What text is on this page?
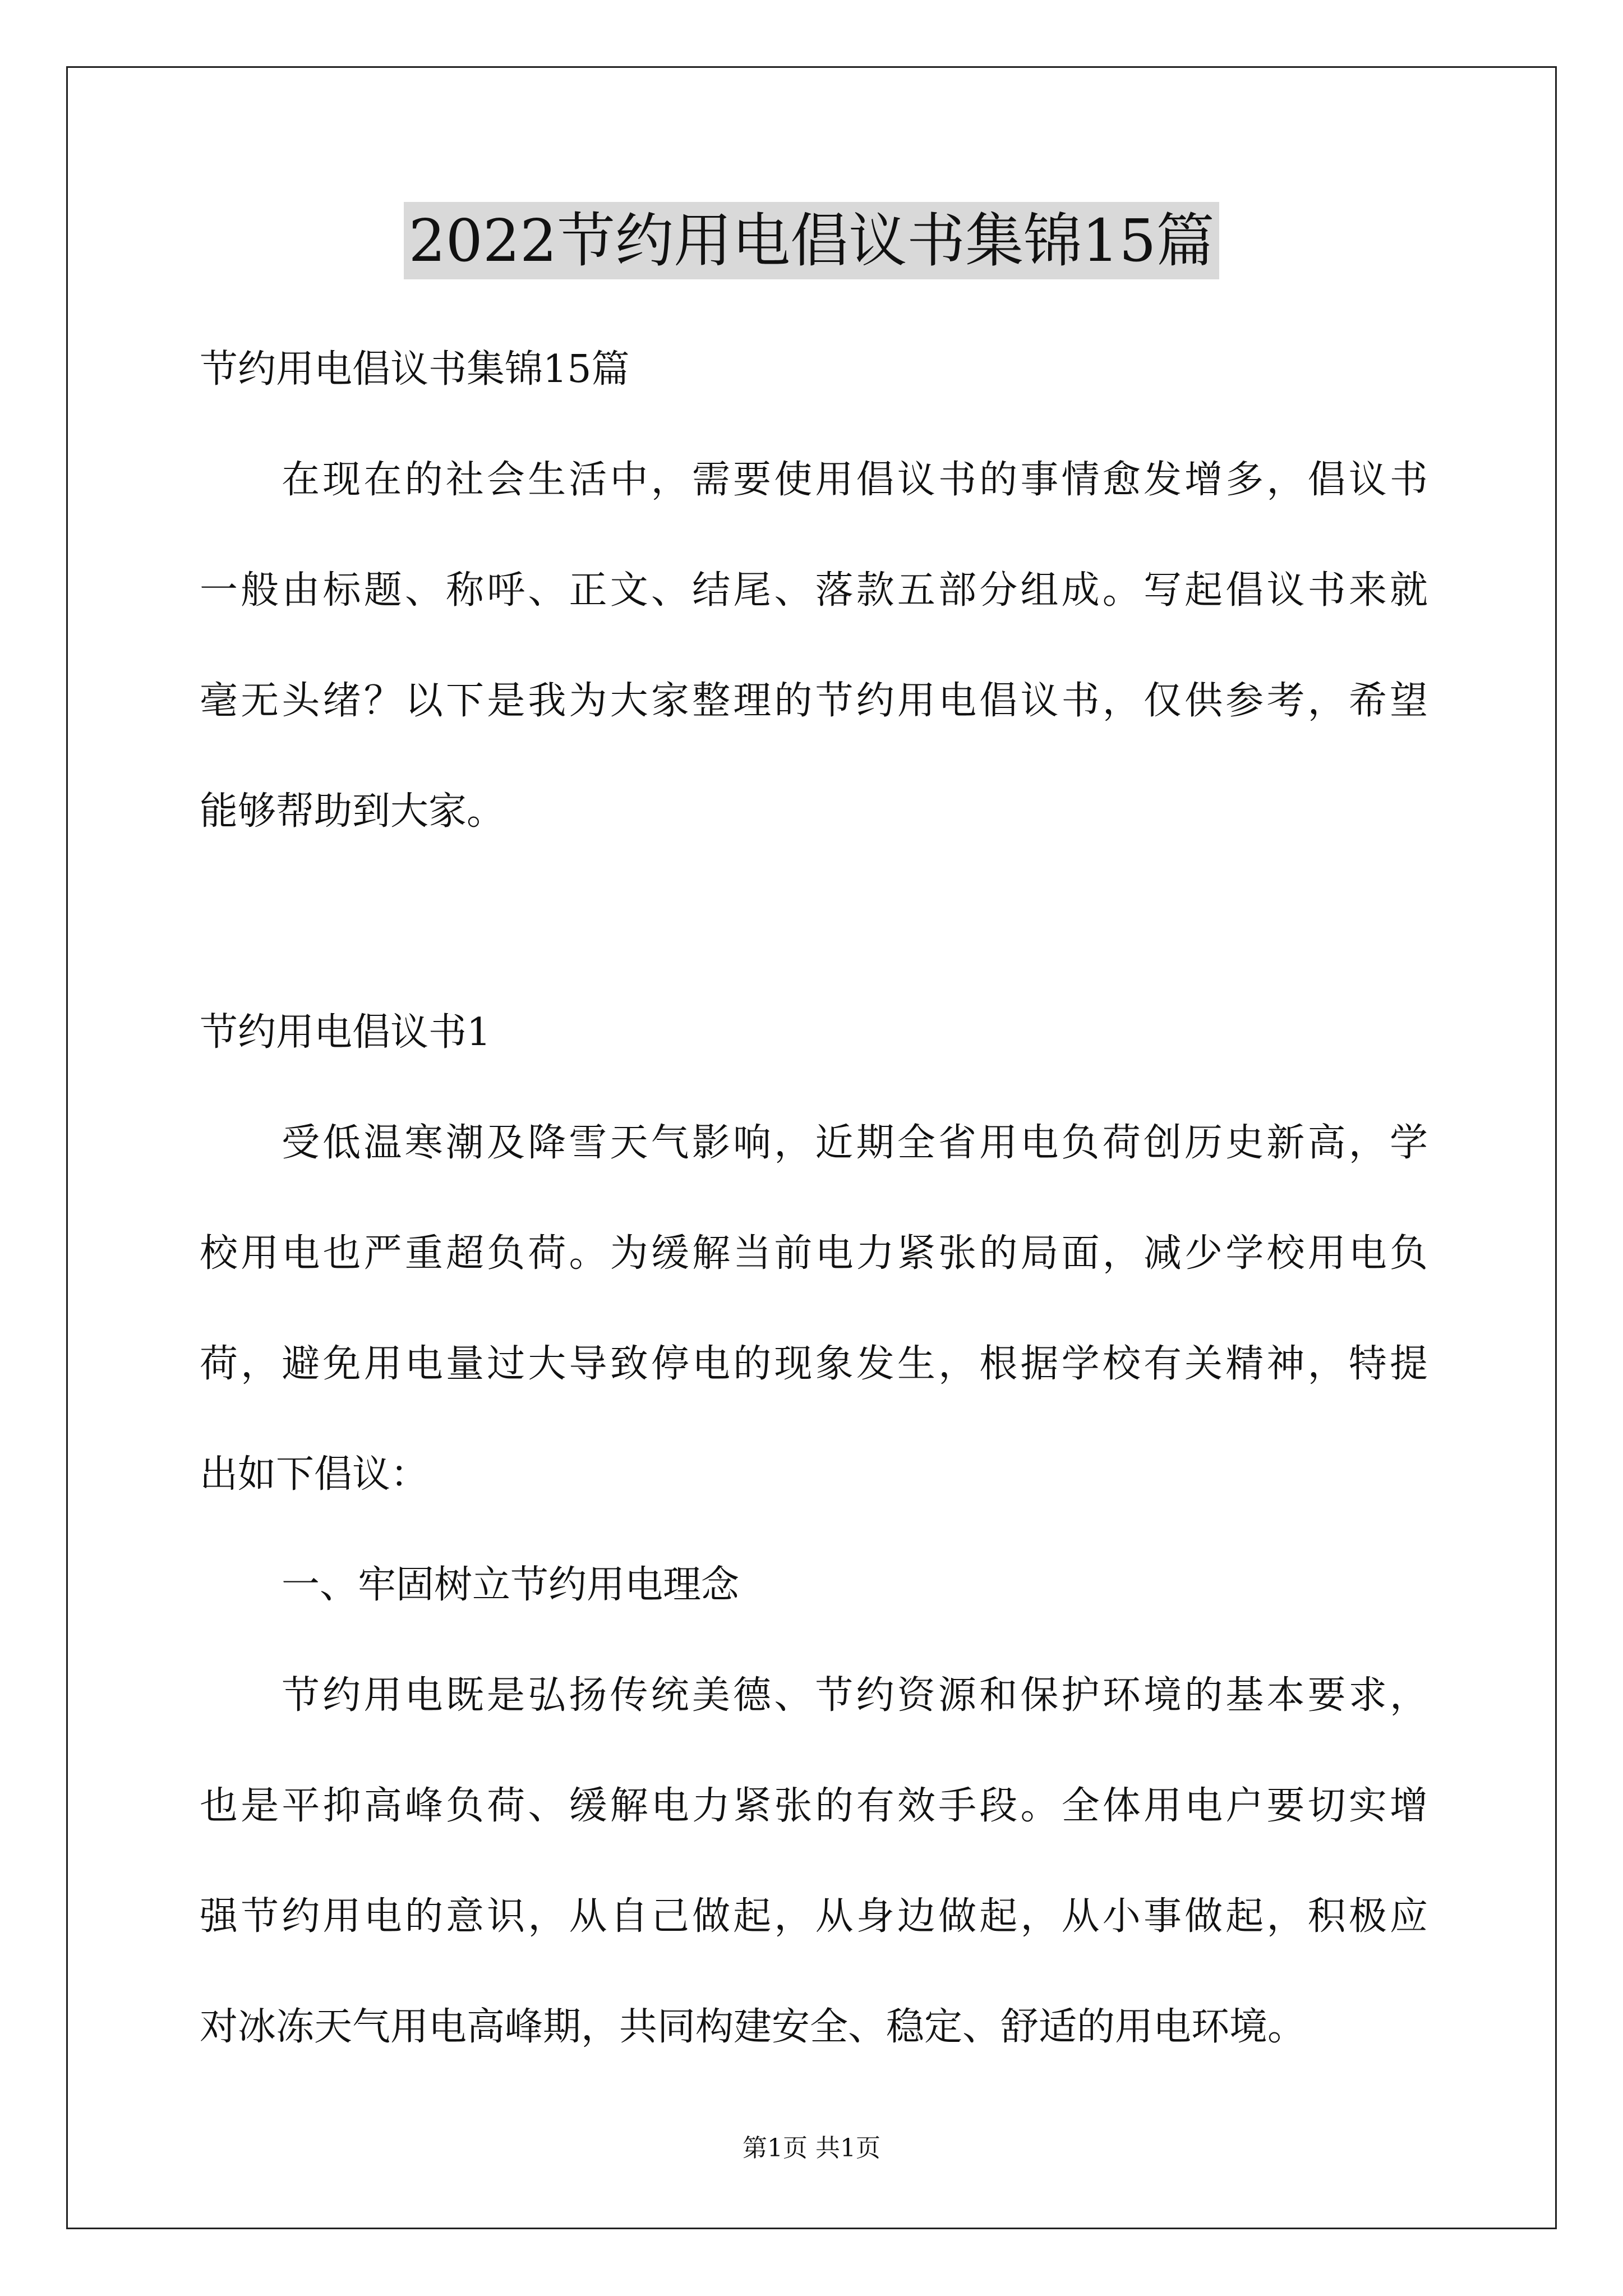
2022节约用电倡议书集锦15篇
节约用电倡议书集锦15篇
在现在的社会生活中，需要使用倡议书的事情愈发增多，倡议书
一般由标题、称呼、正文、结尾、落款五部分组成。写起倡议书来就
毫无头绪？以下是我为大家整理的节约用电倡议书，仅供参考，希望
能够帮助到大家。
节约用电倡议书1
受低温寒潮及降雪天气影响，近期全省用电负荷创历史新高，学
校用电也严重超负荷。为缓解当前电力紧张的局面，减少学校用电负
荷，避免用电量过大导致停电的现象发生，根据学校有关精神，特提
出如下倡议：
一、牢固树立节约用电理念
节约用电既是弘扬传统美德、节约资源和保护环境的基本要求，
也是平抑高峰负荷、缓解电力紧张的有效手段。全体用电户要切实增
强节约用电的意识，从自己做起，从身边做起，从小事做起，积极应
对冰冻天气用电高峰期，共同构建安全、稳定、舒适的用电环境。
第1页 共1页
